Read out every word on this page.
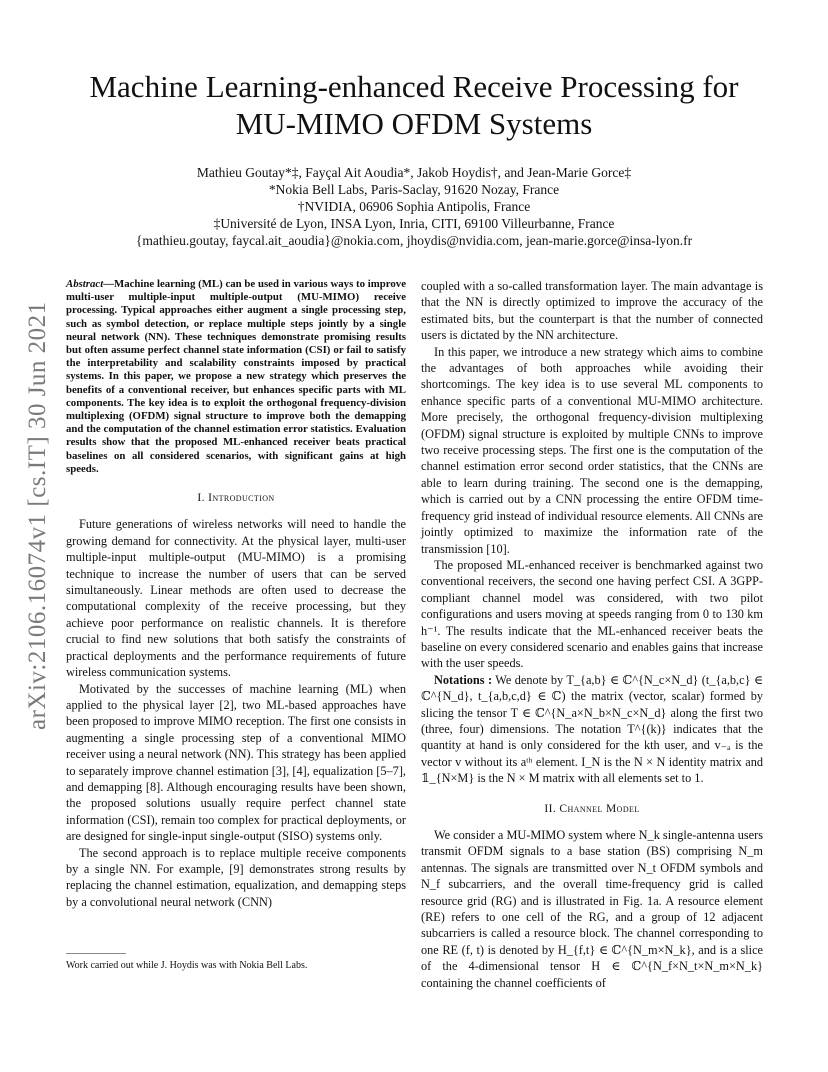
arXiv:2106.16074v1 [cs.IT] 30 Jun 2021
Machine Learning-enhanced Receive Processing for MU-MIMO OFDM Systems
Mathieu Goutay*‡, Fayçal Ait Aoudia*, Jakob Hoydis†, and Jean-Marie Gorce‡
*Nokia Bell Labs, Paris-Saclay, 91620 Nozay, France
†NVIDIA, 06906 Sophia Antipolis, France
‡Université de Lyon, INSA Lyon, Inria, CITI, 69100 Villeurbanne, France
{mathieu.goutay, faycal.ait_aoudia}@nokia.com, jhoydis@nvidia.com, jean-marie.gorce@insa-lyon.fr
Abstract—Machine learning (ML) can be used in various ways to improve multi-user multiple-input multiple-output (MU-MIMO) receive processing. Typical approaches either augment a single processing step, such as symbol detection, or replace multiple steps jointly by a single neural network (NN). These techniques demonstrate promising results but often assume perfect channel state information (CSI) or fail to satisfy the interpretability and scalability constraints imposed by practical systems. In this paper, we propose a new strategy which preserves the benefits of a conventional receiver, but enhances specific parts with ML components. The key idea is to exploit the orthogonal frequency-division multiplexing (OFDM) signal structure to improve both the demapping and the computation of the channel estimation error statistics. Evaluation results show that the proposed ML-enhanced receiver beats practical baselines on all considered scenarios, with significant gains at high speeds.
I. Introduction

Future generations of wireless networks will need to handle the growing demand for connectivity. At the physical layer, multi-user multiple-input multiple-output (MU-MIMO) is a promising technique to increase the number of users that can be served simultaneously. Linear methods are often used to decrease the computational complexity of the receive processing, but they achieve poor performance on realistic channels. It is therefore crucial to find new solutions that both satisfy the constraints of practical deployments and the performance requirements of future wireless communication systems.

Motivated by the successes of machine learning (ML) when applied to the physical layer [2], two ML-based approaches have been proposed to improve MIMO reception. The first one consists in augmenting a single processing step of a conventional MIMO receiver using a neural network (NN). This strategy has been applied to separately improve channel estimation [3], [4], equalization [5–7], and demapping [8]. Although encouraging results have been shown, the proposed solutions usually require perfect channel state information (CSI), remain too complex for practical deployments, or are designed for single-input single-output (SISO) systems only.

The second approach is to replace multiple receive components by a single NN. For example, [9] demonstrates strong results by replacing the channel estimation, equalization, and demapping steps by a convolutional neural network (CNN)

Work carried out while J. Hoydis was with Nokia Bell Labs.

coupled with a so-called transformation layer. The main advantage is that the NN is directly optimized to improve the accuracy of the estimated bits, but the counterpart is that the number of connected users is dictated by the NN architecture.

In this paper, we introduce a new strategy which aims to combine the advantages of both approaches while avoiding their shortcomings. The key idea is to use several ML components to enhance specific parts of a conventional MU-MIMO architecture. More precisely, the orthogonal frequency-division multiplexing (OFDM) signal structure is exploited by multiple CNNs to improve two receive processing steps. The first one is the computation of the channel estimation error second order statistics, that the CNNs are able to learn during training. The second one is the demapping, which is carried out by a CNN processing the entire OFDM time-frequency grid instead of individual resource elements. All CNNs are jointly optimized to maximize the information rate of the transmission [10].

The proposed ML-enhanced receiver is benchmarked against two conventional receivers, the second one having perfect CSI. A 3GPP-compliant channel model was considered, with two pilot configurations and users moving at speeds ranging from 0 to 130 km h⁻¹. The results indicate that the ML-enhanced receiver beats the baseline on every considered scenario and enables gains that increase with the user speeds.

Notations : We denote by T_{a,b} ∈ ℂ^{N_c×N_d} (t_{a,b,c} ∈ ℂ^{N_d}, t_{a,b,c,d} ∈ ℂ) the matrix (vector, scalar) formed by slicing the tensor T ∈ ℂ^{N_a×N_b×N_c×N_d} along the first two (three, four) dimensions. The notation T^{(k)} indicates that the quantity at hand is only considered for the kth user, and v₋ₐ is the vector v without its aᵗʰ element. I_N is the N × N identity matrix and 𝟙_{N×M} is the N × M matrix with all elements set to 1.

II. Channel Model

We consider a MU-MIMO system where N_k single-antenna users transmit OFDM signals to a base station (BS) comprising N_m antennas. The signals are transmitted over N_t OFDM symbols and N_f subcarriers, and the overall time-frequency grid is called resource grid (RG) and is illustrated in Fig. 1a. A resource element (RE) refers to one cell of the RG, and a group of 12 adjacent subcarriers is called a resource block. The channel corresponding to one RE (f, t) is denoted by H_{f,t} ∈ ℂ^{N_m×N_k}, and is a slice of the 4-dimensional tensor H ∈ ℂ^{N_f×N_t×N_m×N_k} containing the channel coefficients of
